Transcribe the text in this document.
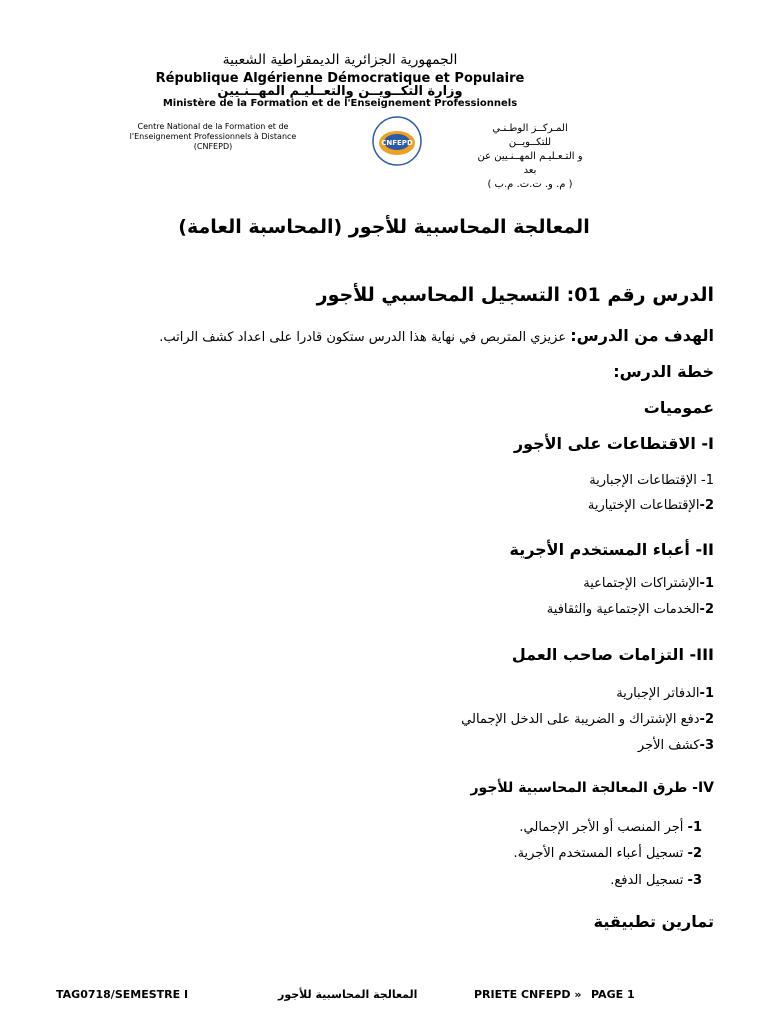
الجمهورية الجزائرية الديمقراطية الشعبية
République Algérienne Démocratique et Populaire
وزارة التكــويــن والتعــليـم المهــنـيين
Ministère de la Formation et de l'Enseignement Professionnels
Centre National de la Formation et de
l'Enseignement Professionnels à Distance
(CNFEPD)	CNFEPD
المـركــز الوطـنـي للتكــويــن
و التـعـليـم المهــنـيين عن بعد
( م. و. ت.ت. م.ب )
المعالجة المحاسبية للأجور (المحاسبة العامة)
الدرس رقم 01: التسجيل المحاسبي للأجور
الهدف من الدرس: عزيزي المتربص في نهاية هذا الدرس ستكون قادرا على اعداد كشف الراتب.
خطة الدرس:
عموميات
I- الاقتطاعات على الأجور
1- الإقتطاعات الإجبارية
2-الإقتطاعات الإختيارية
II- أعباء المستخدم الأجرية
1-الإشتراكات الإجتماعية
2-الخدمات الإجتماعية والثقافية
III- التزامات صاحب العمل
1-الدفاتر الإجبارية
2-دفع الإشتراك و الضريبة على الدخل الإجمالي
3-كشف الأجر
IV- طرق المعالجة المحاسبية للأجور
1- أجر المنصب أو الأجر الإجمالي.
2- تسجيل أعباء المستخدم الأجرية.
3- تسجيل الدفع.
تمارين تطبيقية
TAG0718/SEMESTRE I	المعالجة المحاسبية للأجور	PRIETE CNFEPD » PAGE 1
